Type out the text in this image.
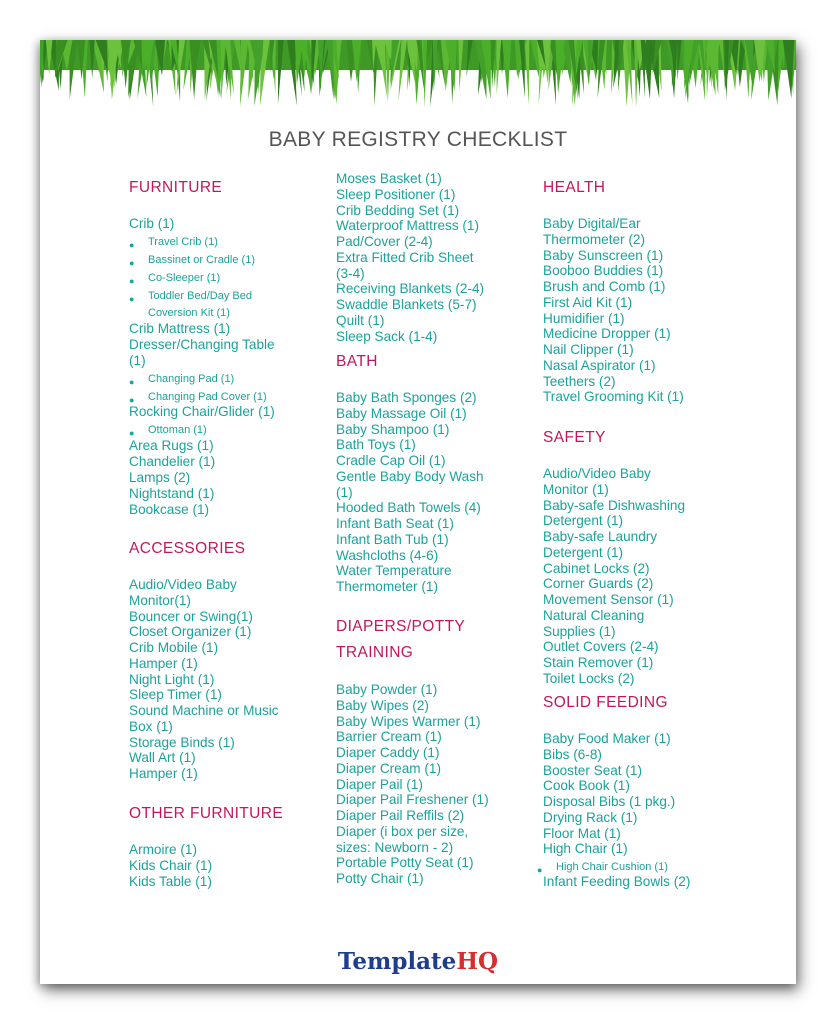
BABY REGISTRY CHECKLIST
FURNITURE
Crib (1)
● Travel Crib (1)
● Bassinet or Cradle (1)
● Co-Sleeper (1)
● Toddler Bed/Day Bed
Coversion Kit (1)
Crib Mattress (1)
Dresser/Changing Table
(1)
● Changing Pad (1)
● Changing Pad Cover (1)
Rocking Chair/Glider (1)
● Ottoman (1)
Area Rugs (1)
Chandelier (1)
Lamps (2)
Nightstand (1)
Bookcase (1)
ACCESSORIES
Audio/Video Baby
Monitor(1)
Bouncer or Swing(1)
Closet Organizer (1)
Crib Mobile (1)
Hamper (1)
Night Light (1)
Sleep Timer (1)
Sound Machine or Music
Box (1)
Storage Binds (1)
Wall Art (1)
Hamper (1)
OTHER FURNITURE
Armoire (1)
Kids Chair (1)
Kids Table (1)
Moses Basket (1)
Sleep Positioner (1)
Crib Bedding Set (1)
Waterproof Mattress (1)
Pad/Cover (2-4)
Extra Fitted Crib Sheet
(3-4)
Receiving Blankets (2-4)
Swaddle Blankets (5-7)
Quilt (1)
Sleep Sack (1-4)
BATH
Baby Bath Sponges (2)
Baby Massage Oil (1)
Baby Shampoo (1)
Bath Toys (1)
Cradle Cap Oil (1)
Gentle Baby Body Wash
(1)
Hooded Bath Towels (4)
Infant Bath Seat (1)
Infant Bath Tub (1)
Washcloths (4-6)
Water Temperature
Thermometer (1)
DIAPERS/POTTY
TRAINING
Baby Powder (1)
Baby Wipes (2)
Baby Wipes Warmer (1)
Barrier Cream (1)
Diaper Caddy (1)
Diaper Cream (1)
Diaper Pail (1)
Diaper Pail Freshener (1)
Diaper Pail Reffils (2)
Diaper (i box per size,
sizes: Newborn - 2)
Portable Potty Seat (1)
Potty Chair (1)
HEALTH
Baby Digital/Ear
Thermometer (2)
Baby Sunscreen (1)
Booboo Buddies (1)
Brush and Comb (1)
First Aid Kit (1)
Humidifier (1)
Medicine Dropper (1)
Nail Clipper (1)
Nasal Aspirator (1)
Teethers (2)
Travel Grooming Kit (1)
SAFETY
Audio/Video Baby
Monitor (1)
Baby-safe Dishwashing
Detergent (1)
Baby-safe Laundry
Detergent (1)
Cabinet Locks (2)
Corner Guards (2)
Movement Sensor (1)
Natural Cleaning
Supplies (1)
Outlet Covers (2-4)
Stain Remover (1)
Toilet Locks (2)
SOLID FEEDING
Baby Food Maker (1)
Bibs (6-8)
Booster Seat (1)
Cook Book (1)
Disposal Bibs (1 pkg.)
Drying Rack (1)
Floor Mat (1)
High Chair (1)
● High Chair Cushion (1)
Infant Feeding Bowls (2)
TemplateHQ
